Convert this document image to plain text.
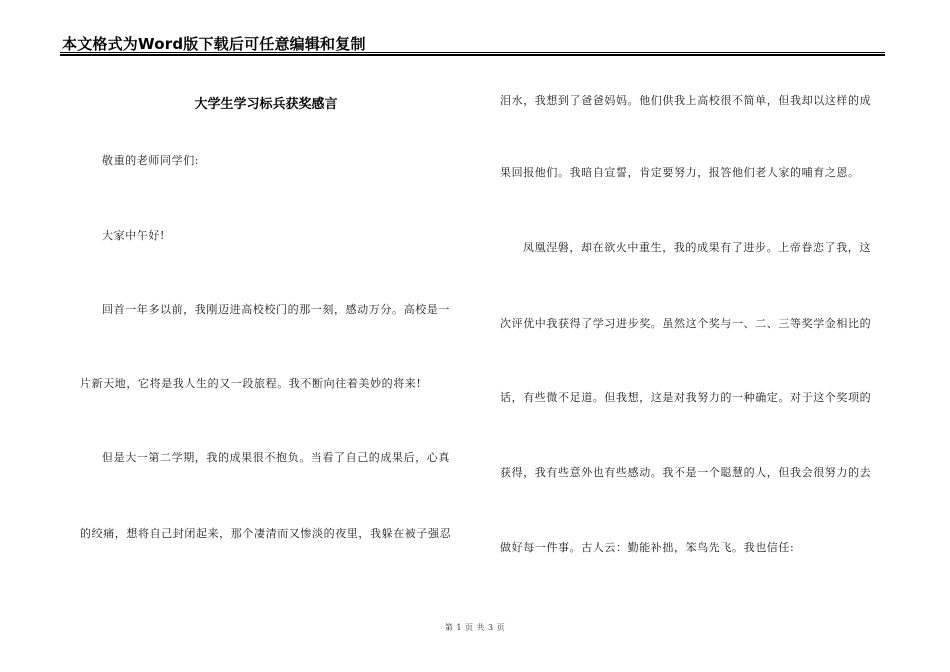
本文格式为Word版下载后可任意编辑和复制
大学生学习标兵获奖感言
敬重的老师同学们:
大家中午好!
回首一年多以前，我刚迈进高校校门的那一刻，感动万分。高校是一
片新天地，它将是我人生的又一段旅程。我不断向往着美妙的将来!
但是大一第二学期，我的成果很不抱负。当看了自己的成果后，心真
的绞痛，想将自己封闭起来，那个凄清而又惨淡的夜里，我躲在被子强忍
泪水，我想到了爸爸妈妈。他们供我上高校很不简单，但我却以这样的成
果回报他们。我暗自宣誓，肯定要努力，报答他们老人家的哺育之恩。
凤凰涅磐，却在欲火中重生，我的成果有了进步。上帝眷恋了我，这
次评优中我获得了学习进步奖。虽然这个奖与一、二、三等奖学金相比的
话，有些微不足道。但我想，这是对我努力的一种确定。对于这个奖项的
获得，我有些意外也有些感动。我不是一个聪慧的人，但我会很努力的去
做好每一件事。古人云：勤能补拙，笨鸟先飞。我也信任:
第 1 页 共 3 页
